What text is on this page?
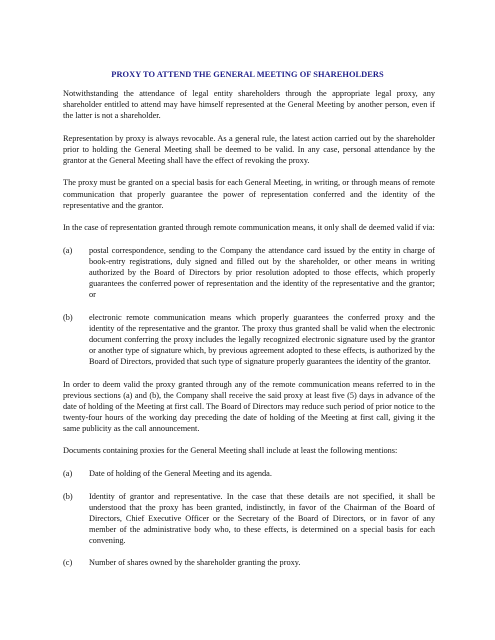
PROXY TO ATTEND THE GENERAL MEETING OF SHAREHOLDERS

Notwithstanding the attendance of legal entity shareholders through the appropriate legal proxy, any shareholder entitled to attend may have himself represented at the General Meeting by another person, even if the latter is not a shareholder.

Representation by proxy is always revocable. As a general rule, the latest action carried out by the shareholder prior to holding the General Meeting shall be deemed to be valid. In any case, personal attendance by the grantor at the General Meeting shall have the effect of revoking the proxy.

The proxy must be granted on a special basis for each General Meeting, in writing, or through means of remote communication that properly guarantee the power of representation conferred and the identity of the representative and the grantor.

In the case of representation granted through remote communication means, it only shall de deemed valid if via:

(a)	postal correspondence, sending to the Company the attendance card issued by the entity in charge of book-entry registrations, duly signed and filled out by the shareholder, or other means in writing authorized by the Board of Directors by prior resolution adopted to those effects, which properly guarantees the conferred power of representation and the identity of the representative and the grantor; or
(b)	electronic remote communication means which properly guarantees the conferred proxy and the identity of the representative and the grantor. The proxy thus granted shall be valid when the electronic document conferring the proxy includes the legally recognized electronic signature used by the grantor or another type of signature which, by previous agreement adopted to these effects, is authorized by the Board of Directors, provided that such type of signature properly guarantees the identity of the grantor.

In order to deem valid the proxy granted through any of the remote communication means referred to in the previous sections (a) and (b), the Company shall receive the said proxy at least five (5) days in advance of the date of holding of the Meeting at first call. The Board of Directors may reduce such period of prior notice to the twenty-four hours of the working day preceding the date of holding of the Meeting at first call, giving it the same publicity as the call announcement.

Documents containing proxies for the General Meeting shall include at least the following mentions:

(a)	Date of holding of the General Meeting and its agenda.
(b)	Identity of grantor and representative. In the case that these details are not specified, it shall be understood that the proxy has been granted, indistinctly, in favor of the Chairman of the Board of Directors, Chief Executive Officer or the Secretary of the Board of Directors, or in favor of any member of the administrative body who, to these effects, is determined on a special basis for each convening.
(c)	Number of shares owned by the shareholder granting the proxy.
